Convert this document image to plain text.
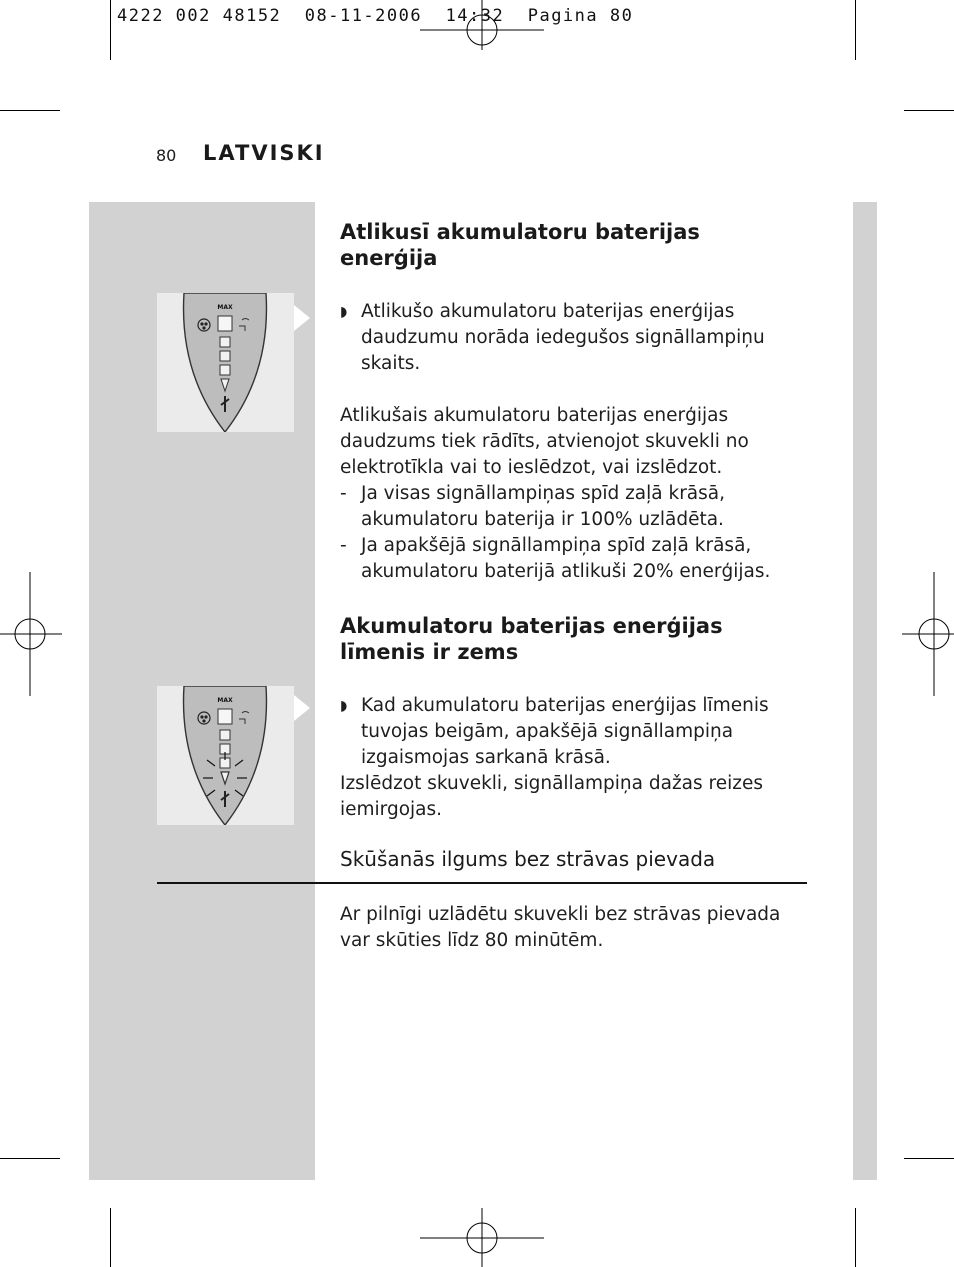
4222 002 48152  08-11-2006  14:32  Pagina 80
80 LATVISKI
MAX
MAX
Atlikusī akumulatoru baterijas enerģija
◗ Atlikušo akumulatoru baterijas enerģijas daudzumu norāda iedegušos signāllampiņu skaits.

Atlikušais akumulatoru baterijas enerģijas daudzums tiek rādīts, atvienojot skuvekli no elektrotīkla vai to ieslēdzot, vai izslēdzot.

- Ja visas signāllampiņas spīd zaļā krāsā, akumulatoru baterija ir 100% uzlādēta.
- Ja apakšējā signāllampiņa spīd zaļā krāsā, akumulatoru baterijā atlikuši 20% enerģijas.
Akumulatoru baterijas enerģijas līmenis ir zems
◗ Kad akumulatoru baterijas enerģijas līmenis tuvojas beigām, apakšējā signāllampiņa izgaismojas sarkanā krāsā.

Izslēdzot skuvekli, signāllampiņa dažas reizes iemirgojas.

Skūšanās ilgums bez strāvas pievada
Ar pilnīgi uzlādētu skuvekli bez strāvas pievada var skūties līdz 80 minūtēm.
